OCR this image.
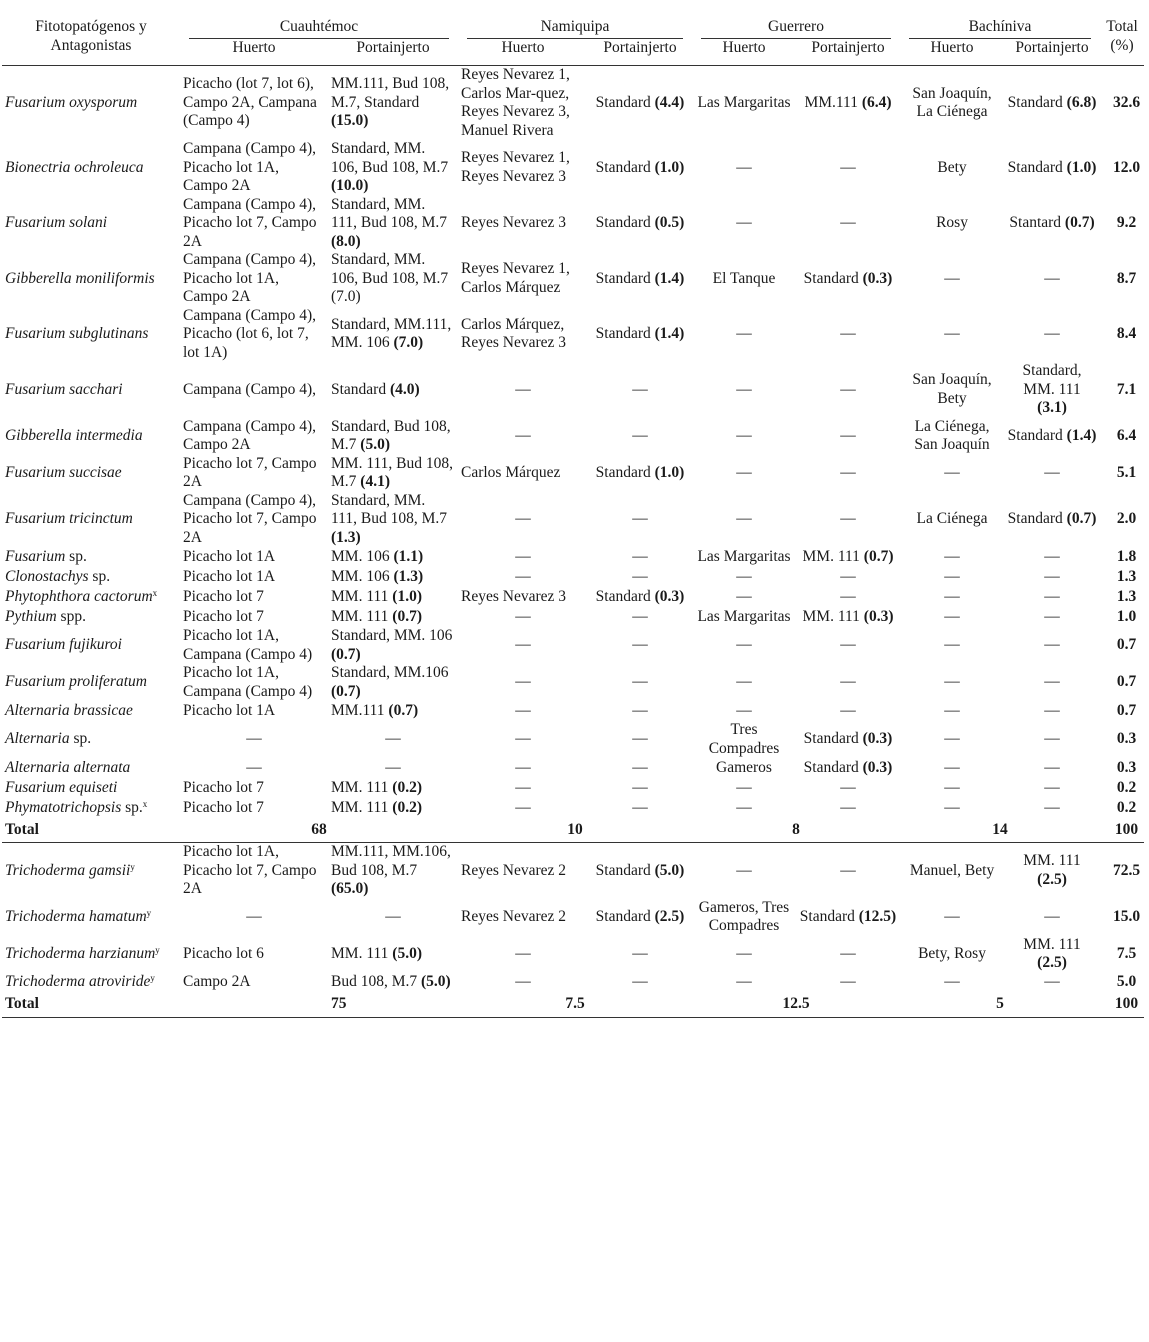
Fitotopatógenos y Antagonistas	Cuauhtémoc		Namiquipa		Guerrero		Bachíniva		Total (%)
	Huerto	Portainjerto	Huerto	Portainjerto	Huerto	Portainjerto	Huerto	Portainjerto	
Fusarium oxysporum	Picacho (lot 7, lot 6), Campo 2A, Campana (Campo 4)	MM.111, Bud 108, M.7, Standard (15.0)	Reyes Nevarez 1, Carlos Mar-quez, Reyes Nevarez 3, Manuel Rivera	Standard (4.4)	Las Margaritas	MM.111 (6.4)	San Joaquín, La Ciénega	Standard (6.8)	32.6
Bionectria ochroleuca	Campana (Campo 4), Picacho lot 1A, Campo 2A	Standard, MM. 106, Bud 108, M.7 (10.0)	Reyes Nevarez 1, Reyes Nevarez 3	Standard (1.0)	—	—	Bety	Standard (1.0)	12.0
Fusarium solani	Campana (Campo 4), Picacho lot 7, Campo 2A	Standard, MM. 111, Bud 108, M.7 (8.0)	Reyes Nevarez 3	Standard (0.5)	—	—	Rosy	Stantard (0.7)	9.2
Gibberella moniliformis	Campana (Campo 4), Picacho lot 1A, Campo 2A	Standard, MM. 106, Bud 108, M.7 (7.0)	Reyes Nevarez 1, Carlos Márquez	Standard (1.4)	El Tanque	Standard (0.3)	—	—	8.7
Fusarium subglutinans	Campana (Campo 4), Picacho (lot 6, lot 7, lot 1A)	Standard, MM.111, MM. 106 (7.0)	Carlos Márquez, Reyes Nevarez 3	Standard (1.4)	—	—	—	—	8.4
Fusarium sacchari	Campana (Campo 4),	Standard (4.0)	—	—	—	—	San Joaquín, Bety	Standard, MM. 111 (3.1)	7.1
Gibberella intermedia	Campana (Campo 4), Campo 2A	Standard, Bud 108, M.7 (5.0)	—	—	—	—	La Ciénega, San Joaquín	Standard (1.4)	6.4
Fusarium succisae	Picacho lot 7, Campo 2A	MM. 111, Bud 108, M.7 (4.1)	Carlos Márquez	Standard (1.0)	—	—	—	—	5.1
Fusarium tricinctum	Campana (Campo 4), Picacho lot 7, Campo 2A	Standard, MM. 111, Bud 108, M.7 (1.3)	—	—	—	—	La Ciénega	Standard (0.7)	2.0
Fusarium sp.	Picacho lot 1A	MM. 106 (1.1)	—	—	Las Margaritas	MM. 111 (0.7)	—	—	1.8
Clonostachys sp.	Picacho lot 1A	MM. 106 (1.3)	—	—	—	—	—	—	1.3
Phytophthora cactorum$^x$	Picacho lot 7	MM. 111 (1.0)	Reyes Nevarez 3	Standard (0.3)	—	—	—	—	1.3
Pythium spp.	Picacho lot 7	MM. 111 (0.7)	—	—	Las Margaritas	MM. 111 (0.3)	—	—	1.0
Fusarium fujikuroi	Picacho lot 1A, Campana (Campo 4)	Standard, MM. 106 (0.7)	—	—	—	—	—	—	0.7
Fusarium proliferatum	Picacho lot 1A, Campana (Campo 4)	Standard, MM.106 (0.7)	—	—	—	—	—	—	0.7
Alternaria brassicae	Picacho lot 1A	MM.111 (0.7)	—	—	—	—	—	—	0.7
Alternaria sp.	—	—	—	—	Tres Compadres	Standard (0.3)	—	—	0.3
Alternaria alternata	—	—	—	—	Gameros	Standard (0.3)	—	—	0.3
Fusarium equiseti	Picacho lot 7	MM. 111 (0.2)	—	—	—	—	—	—	0.2
Phymatotrichopsis sp.$^x$	Picacho lot 7	MM. 111 (0.2)	—	—	—	—	—	—	0.2
Total	68		10		8		14		100
Trichoderma gamsii$^y$	Picacho lot 1A, Picacho lot 7, Campo 2A	MM.111, MM.106, Bud 108, M.7 (65.0)	Reyes Nevarez 2	Standard (5.0)	—	—	Manuel, Bety	MM. 111 (2.5)	72.5
Trichoderma hamatum$^y$	—	—	Reyes Nevarez 2	Standard (2.5)	Gameros, Tres Compadres	Standard (12.5)	—	—	15.0
Trichoderma harzianum$^y$	Picacho lot 6	MM. 111 (5.0)	—	—	—	—	Bety, Rosy	MM. 111 (2.5)	7.5
Trichoderma atroviride$^y$	Campo 2A	Bud 108, M.7 (5.0)	—	—	—	—	—	—	5.0
Total		75	7.5		12.5		5		100
